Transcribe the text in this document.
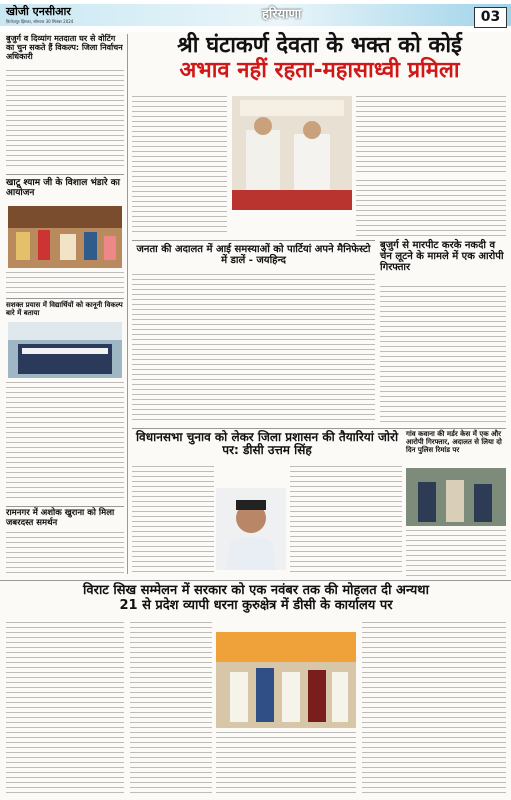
खोजी एनसीआर
फ़िरोज़पुर झिरका, सोमवार 30 सितंबर 2024	हरियाणा	03
बुजुर्ग व दिव्यांग मतदाता घर से वोटिंग का चुन सकते हैं विकल्प: जिला निर्वाचन अधिकारी
खाटू श्याम जी के विशाल भंडारे का आयोजन
सशक्त प्रयास में विद्यार्थियों को कानूनी विकल्प बारे में बताया
रामनगर में अशोक खुराना को मिला जबरदस्त समर्थन
श्री घंटाकर्ण देवता के भक्त को कोई
अभाव नहीं रहता-महासाध्वी प्रमिला
जनता की अदालत में आई समस्याओं को पार्टियां अपने मैनिफेस्टो में डालें - जयहिन्द
बुजुर्ग से मारपीट करके नकदी व चेन लूटने के मामले में एक आरोपी गिरफ्तार
विधानसभा चुनाव को लेकर जिला प्रशासन की तैयारियां जोरो पर: डीसी उत्तम सिंह
गांव कवाना की मर्डर केस में एक और आरोपी गिरफ्तार, अदालत से लिया दो दिन पुलिस रिमांड पर
विराट सिख सम्मेलन में सरकार को एक नवंबर तक की मोहलत दी अन्यथा
21 से प्रदेश व्यापी धरना कुरुक्षेत्र में डीसी के कार्यालय पर
